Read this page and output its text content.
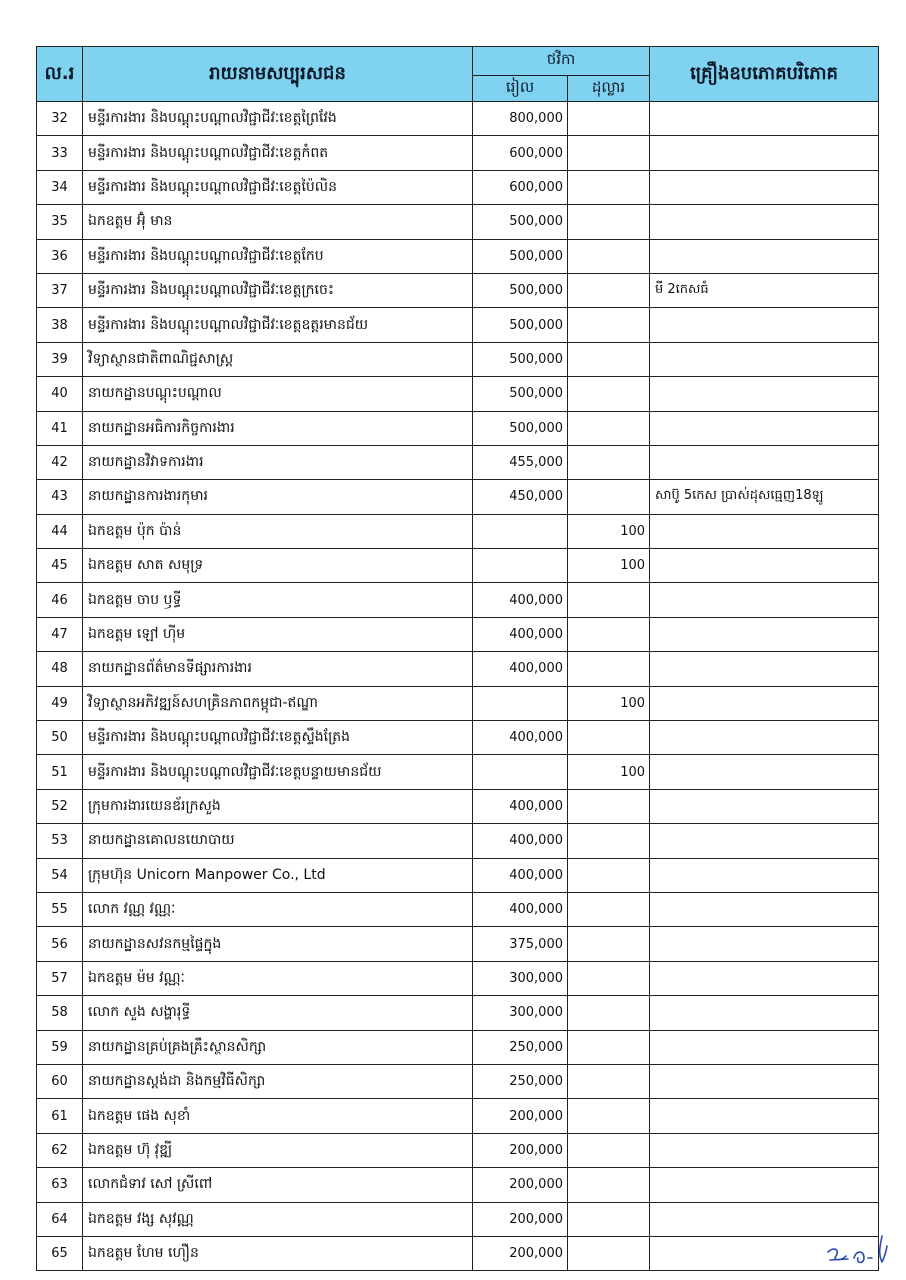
ល.រ	រាយនាមសប្បុរសជន	ថវិកា		គ្រឿងឧបភោគបរិភោគ
		រៀល	ដុល្លារ	
32	មន្ទីរការងារ និងបណ្តុះបណ្តាលវិជ្ជាជីវៈខេត្តព្រៃវែង	800,000		
33	មន្ទីរការងារ និងបណ្តុះបណ្តាលវិជ្ជាជីវៈខេត្តកំពត	600,000		
34	មន្ទីរការងារ និងបណ្តុះបណ្តាលវិជ្ជាជីវៈខេត្តប៉ៃលិន	600,000		
35	ឯកឧត្តម អ៊ុំ មាន	500,000		
36	មន្ទីរការងារ និងបណ្តុះបណ្តាលវិជ្ជាជីវៈខេត្តកែប	500,000		
37	មន្ទីរការងារ និងបណ្តុះបណ្តាលវិជ្ជាជីវៈខេត្តក្រចេះ	500,000		មី 2កេសធំ
38	មន្ទីរការងារ និងបណ្តុះបណ្តាលវិជ្ជាជីវៈខេត្តឧត្តរមានជ័យ	500,000		
39	វិទ្យាស្ថានជាតិពាណិជ្ជសាស្ត្រ	500,000		
40	នាយកដ្ឋានបណ្តុះបណ្តាល	500,000		
41	នាយកដ្ឋានអធិការកិច្ចការងារ	500,000		
42	នាយកដ្ឋានវិវាទការងារ	455,000		
43	នាយកដ្ឋានការងារកុមារ	450,000		សាប៊ូ 5កេស ប្រាស់ដុសធ្មេញ18ឡូ
44	ឯកឧត្តម ប៉ុក ប៉ាន់		100	
45	ឯកឧត្តម សាត សមុទ្រ		100	
46	ឯកឧត្តម ចាប ឫទ្ធី	400,000		
47	ឯកឧត្តម ឡៅ ហ៊ីម	400,000		
48	នាយកដ្ឋានព័ត៌មានទីផ្សារការងារ	400,000		
49	វិទ្យាស្ថានអភិវឌ្ឍន៍សហគ្រិនភាពកម្ពុជា-ឥណ្ឌា		100	
50	មន្ទីរការងារ និងបណ្តុះបណ្តាលវិជ្ជាជីវៈខេត្តស្ទឹងត្រែង	400,000		
51	មន្ទីរការងារ និងបណ្តុះបណ្តាលវិជ្ជាជីវៈខេត្តបន្ទាយមានជ័យ		100	
52	ក្រុមការងារយេនឌ័រក្រសួង	400,000		
53	នាយកដ្ឋានគោលនយោបាយ	400,000		
54	ក្រុមហ៊ុន Unicorn Manpower Co., Ltd	400,000		
55	លោក វណ្ណ វណ្ណៈ	400,000		
56	នាយកដ្ឋានសវនកម្មផ្ទៃក្នុង	375,000		
57	ឯកឧត្តម ម៉ម វណ្ណៈ	300,000		
58	លោក សួង សង្ហារុទ្ធី	300,000		
59	នាយកដ្ឋានគ្រប់គ្រងគ្រឹះស្ថានសិក្សា	250,000		
60	នាយកដ្ឋានស្តង់ដា និងកម្មវិធីសិក្សា	250,000		
61	ឯកឧត្តម ផេង សុខាំ	200,000		
62	ឯកឧត្តម ហ៊ុ វុឌ្ឍី	200,000		
63	លោកជំទាវ សៅ ស្រីពៅ	200,000		
64	ឯកឧត្តម វង្ស សុវណ្ណ	200,000		
65	ឯកឧត្តម ហែម ហឿន	200,000		
